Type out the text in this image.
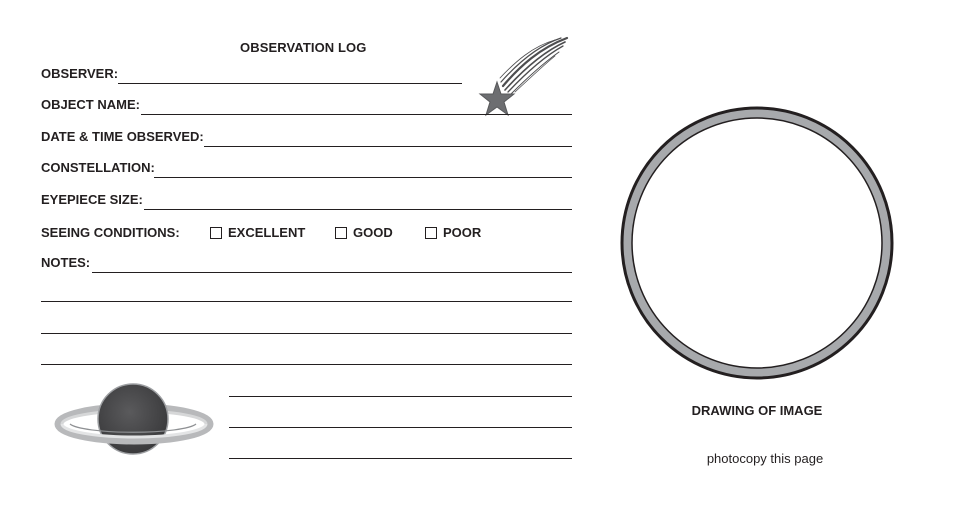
OBSERVATION LOG
OBSERVER:
OBJECT NAME:
DATE & TIME OBSERVED:
CONSTELLATION:
EYEPIECE SIZE:
SEEING CONDITIONS:	EXCELLENT	GOOD	POOR
NOTES:
DRAWING OF IMAGE
photocopy this page
